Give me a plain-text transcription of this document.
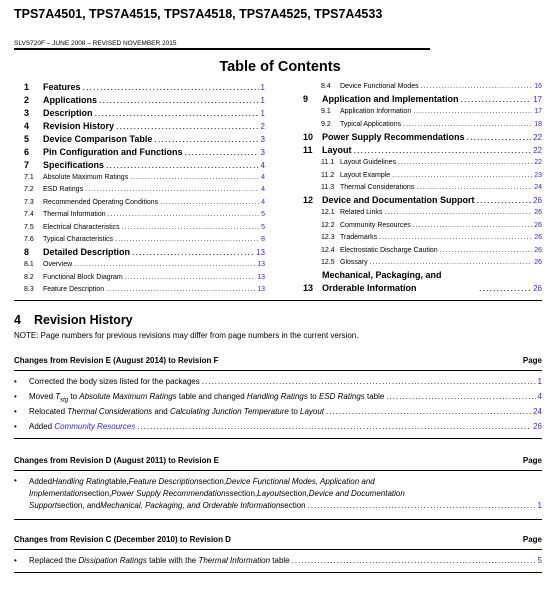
TPS7A4501, TPS7A4515, TPS7A4518, TPS7A4525, TPS7A4533
SLVS720F – JUNE 2008 – REVISED NOVEMBER 2015
Table of Contents
1	Features .....	1
2	Applications .....	1
3	Description .....	1
4	Revision History .....	2
5	Device Comparison Table .....	3
6	Pin Configuration and Functions .....	3
7	Specifications .....	4
7.1	Absolute Maximum Ratings .....	4
7.2	ESD Ratings .....	4
7.3	Recommended Operating Conditions .....	4
7.4	Thermal Information .....	5
7.5	Electrical Characteristics .....	5
7.6	Typical Characteristics .....	8
8	Detailed Description .....	13
8.1	Overview .....	13
8.2	Functional Block Diagram .....	13
8.3	Feature Description .....	13
8.4	Device Functional Modes .....	16
9	Application and Implementation .....	17
9.1	Application Information .....	17
9.2	Typical Applications .....	18
10 Power Supply Recommendations .....	22
11	Layout .....	22
11.1 Layout Guidelines .....	22
11.2 Layout Example .....	23
11.3 Thermal Considerations .....	24
12 Device and Documentation Support .....	26
12.1 Related Links .....	26
12.2 Community Resources .....	26
12.3 Trademarks .....	26
12.4 Electrostatic Discharge Caution .....	26
12.5 Glossary .....	26
13
Mechanical, Packaging, and Orderable Information .....	26
4 Revision History
NOTE: Page numbers for previous revisions may differ from page numbers in the current version.
Changes from Revision E (August 2014) to Revision F	Page
• Corrected the body sizes listed for the packages .....	1
• Moved $T_{stg}$ to Absolute Maximum Ratings table and changed Handling Ratings to ESD Ratings table .....	4
• Relocated Thermal Considerations and Calculating Junction Temperature to Layout .....	24
• Added Community Resources .....	26
Changes from Revision D (August 2011) to Revision E	Page
• Added Handling Rating table, Feature Description section, Device Functional Modes, Application and
Implementation section, Power Supply Recommendations section, Layout section, Device and Documentation
Support section, and Mechanical, Packaging, and Orderable Information section .....	1
Changes from Revision C (December 2010) to Revision D	Page
• Replaced the Dissipation Ratings table with the Thermal Information table .....	5
